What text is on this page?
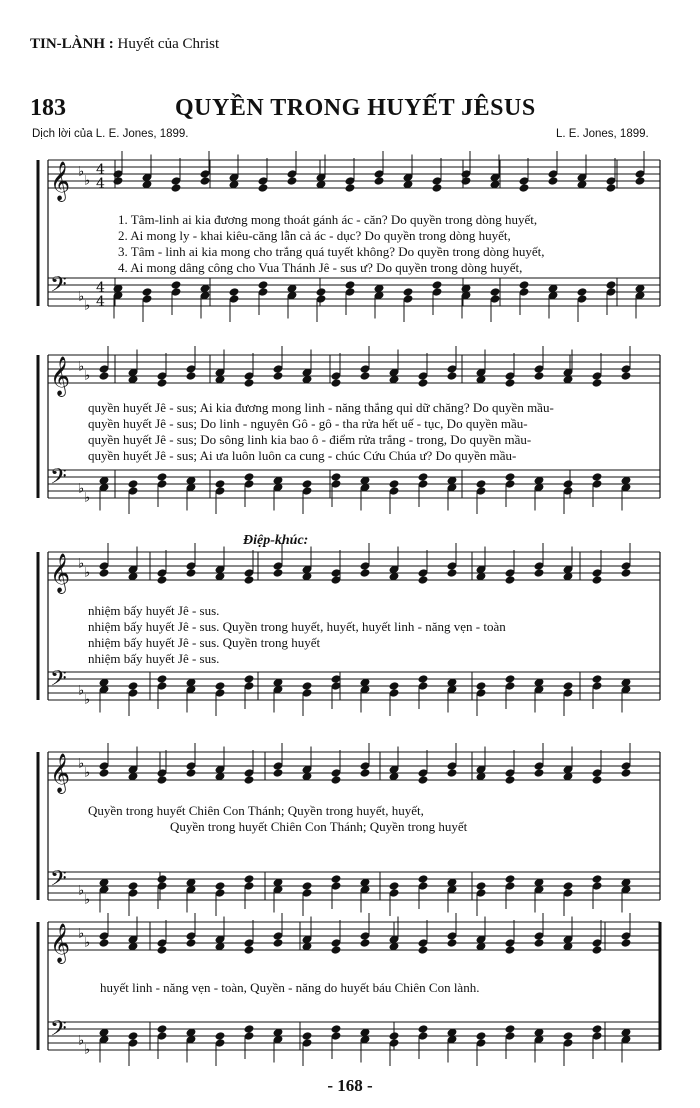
TIN-LÀNH : Huyết của Christ
183	QUYỀN TRONG HUYẾT JÊSUS
Dịch lời của L. E. Jones, 1899.	L. E. Jones, 1899.
𝄞
𝄢
♭
♭
♭
♭
4
4
4
4
𝄞
𝄢
♭
♭
♭
♭
𝄞
𝄢
♭
♭
♭
♭
𝄞
𝄢
♭
♭
♭
♭
𝄞
𝄢
♭
♭
♭
♭
1. Tâm-linh ai kia đương mong thoát gánh ác - căn? Do quyền trong dòng huyết,
2. Ai mong ly - khai kiêu-căng lẫn cả ác - dục? Do quyền trong dòng huyết,
3. Tâm - linh ai kia mong cho trắng quá tuyết không? Do quyền trong dòng huyết,
4. Ai mong dâng công cho Vua Thánh Jê - sus ư? Do quyền trong dòng huyết,
quyền huyết Jê - sus; Ai kia đương mong linh - năng thắng quỉ dữ chăng? Do quyền mầu-
quyền huyết Jê - sus; Do linh - nguyên Gô - gô - tha rửa hết uế - tục, Do quyền mầu-
quyền huyết Jê - sus; Do sông linh kia bao ô - điểm rửa trắng - trong, Do quyền mầu-
quyền huyết Jê - sus; Ai ưa luôn luôn ca cung - chúc Cứu Chúa ư? Do quyền mầu-
Điệp-khúc:
nhiệm bấy huyết Jê - sus.
nhiệm bấy huyết Jê - sus. Quyền trong huyết, huyết, huyết linh - năng vẹn - toàn
nhiệm bấy huyết Jê - sus. Quyền trong huyết
nhiệm bấy huyết Jê - sus.
Quyền trong huyết Chiên Con Thánh; Quyền trong huyết, huyết,
Quyền trong huyết Chiên Con Thánh; Quyền trong huyết
huyết linh - năng vẹn - toàn, Quyền - năng do huyết báu Chiên Con lành.
- 168 -
